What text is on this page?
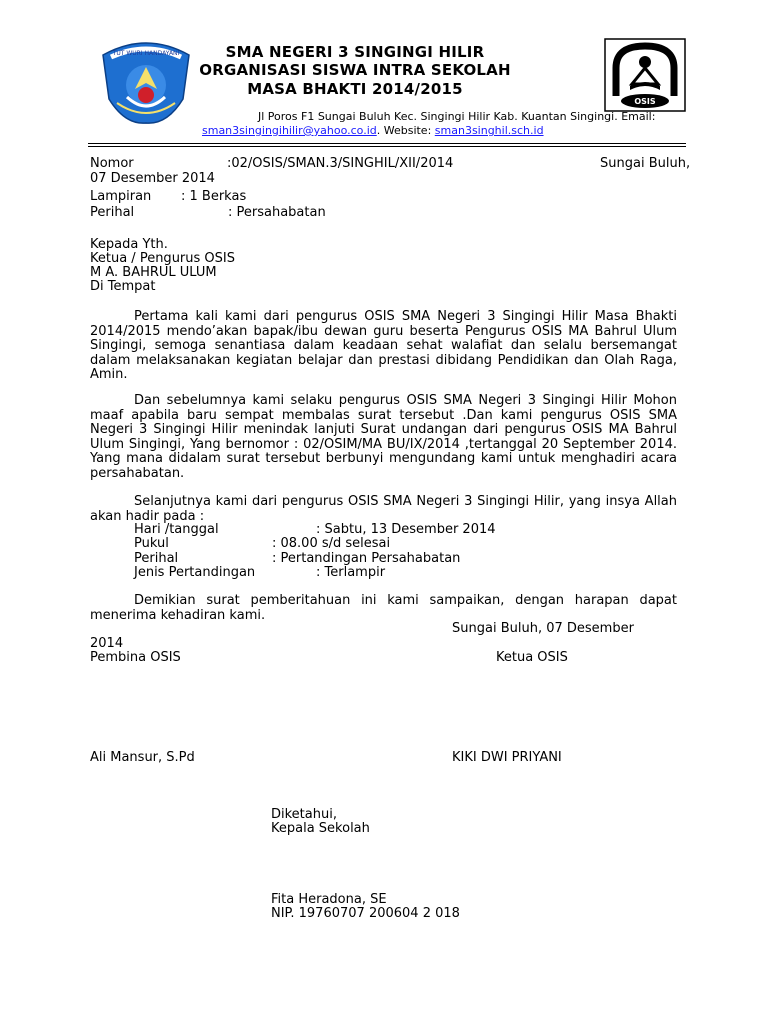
TUT WURI HANDAYANI	SMA NEGERI 3 SINGINGI HILIR
ORGANISASI SISWA INTRA SEKOLAH
MASA BHAKTI 2014/2015
OSIS
Jl Poros F1 Sungai Buluh Kec. Singingi Hilir Kab. Kuantan Singingi. Email:
sman3singingihilir@yahoo.co.id. Website: sman3singhil.sch.id
Nomor	:02/OSIS/SMAN.3/SINGHIL/XII/2014	Sungai Buluh,
07 Desember 2014
Lampiran : 1 Berkas
Perihal	: Persahabatan
Kepada Yth.
Ketua / Pengurus OSIS
M A. BAHRUL ULUM
Di Tempat
Pertama kali kami dari pengurus OSIS SMA Negeri 3 Singingi Hilir Masa Bhakti 2014/2015 mendo’akan bapak/ibu dewan guru beserta Pengurus OSIS MA Bahrul Ulum Singingi, semoga senantiasa dalam keadaan sehat walafiat dan selalu bersemangat dalam melaksanakan kegiatan belajar dan prestasi dibidang Pendidikan dan Olah Raga, Amin.
Dan sebelumnya kami selaku pengurus OSIS SMA Negeri 3 Singingi Hilir Mohon maaf apabila baru sempat membalas surat tersebut .Dan kami pengurus OSIS SMA Negeri 3 Singingi Hilir menindak lanjuti Surat undangan dari pengurus OSIS MA Bahrul Ulum Singingi, Yang bernomor : 02/OSIM/MA BU/IX/2014 ,tertanggal 20 September 2014. Yang mana didalam surat tersebut berbunyi mengundang kami untuk menghadiri acara persahabatan.
Selanjutnya kami dari pengurus OSIS SMA Negeri 3 Singingi Hilir, yang insya Allah akan hadir pada :
Hari /tanggal	: Sabtu, 13 Desember 2014
Pukul	: 08.00 s/d selesai
Perihal	: Pertandingan Persahabatan
Jenis Pertandingan	: Terlampir
Demikian surat pemberitahuan ini kami sampaikan, dengan harapan dapat menerima kehadiran kami.
Sungai Buluh, 07 Desember
2014
Pembina OSIS	Ketua OSIS
Ali Mansur, S.Pd	KIKI DWI PRIYANI
Diketahui,
Kepala Sekolah
Fita Heradona, SE
NIP. 19760707 200604 2 018
